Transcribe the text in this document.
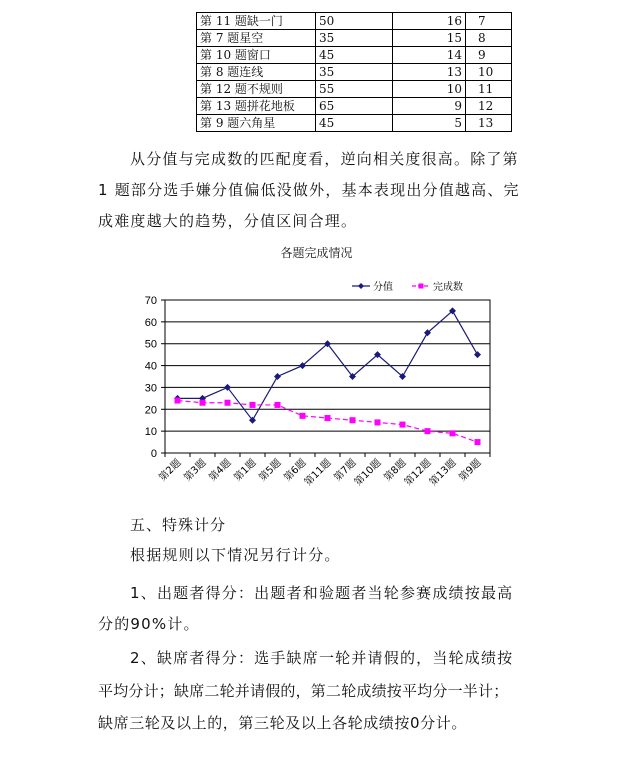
第 11 题缺一门	50	16	7
第 7 题星空	35	15	8
第 10 题窗口	45	14	9
第 8 题连线	35	13	10
第 12 题不规则	55	10	11
第 13 题拼花地板	65	9	12
第 9 题六角星	45	5	13
从分值与完成数的匹配度看，逆向相关度很高。除了第
1 题部分选手嫌分值偏低没做外，基本表现出分值越高、完
成难度越大的趋势，分值区间合理。
各题完成情况
0
10
20
30
40
50
60
70
第2题
第3题
第4题
第1题
第5题
第6题
第11题
第7题
第10题
第8题
第12题
第13题
第9题
分值	完成数
五、特殊计分
根据规则以下情况另行计分。
1、出题者得分：出题者和验题者当轮参赛成绩按最高
分的90%计。
2、缺席者得分：选手缺席一轮并请假的，当轮成绩按
平均分计；缺席二轮并请假的，第二轮成绩按平均分一半计；
缺席三轮及以上的，第三轮及以上各轮成绩按0分计。
